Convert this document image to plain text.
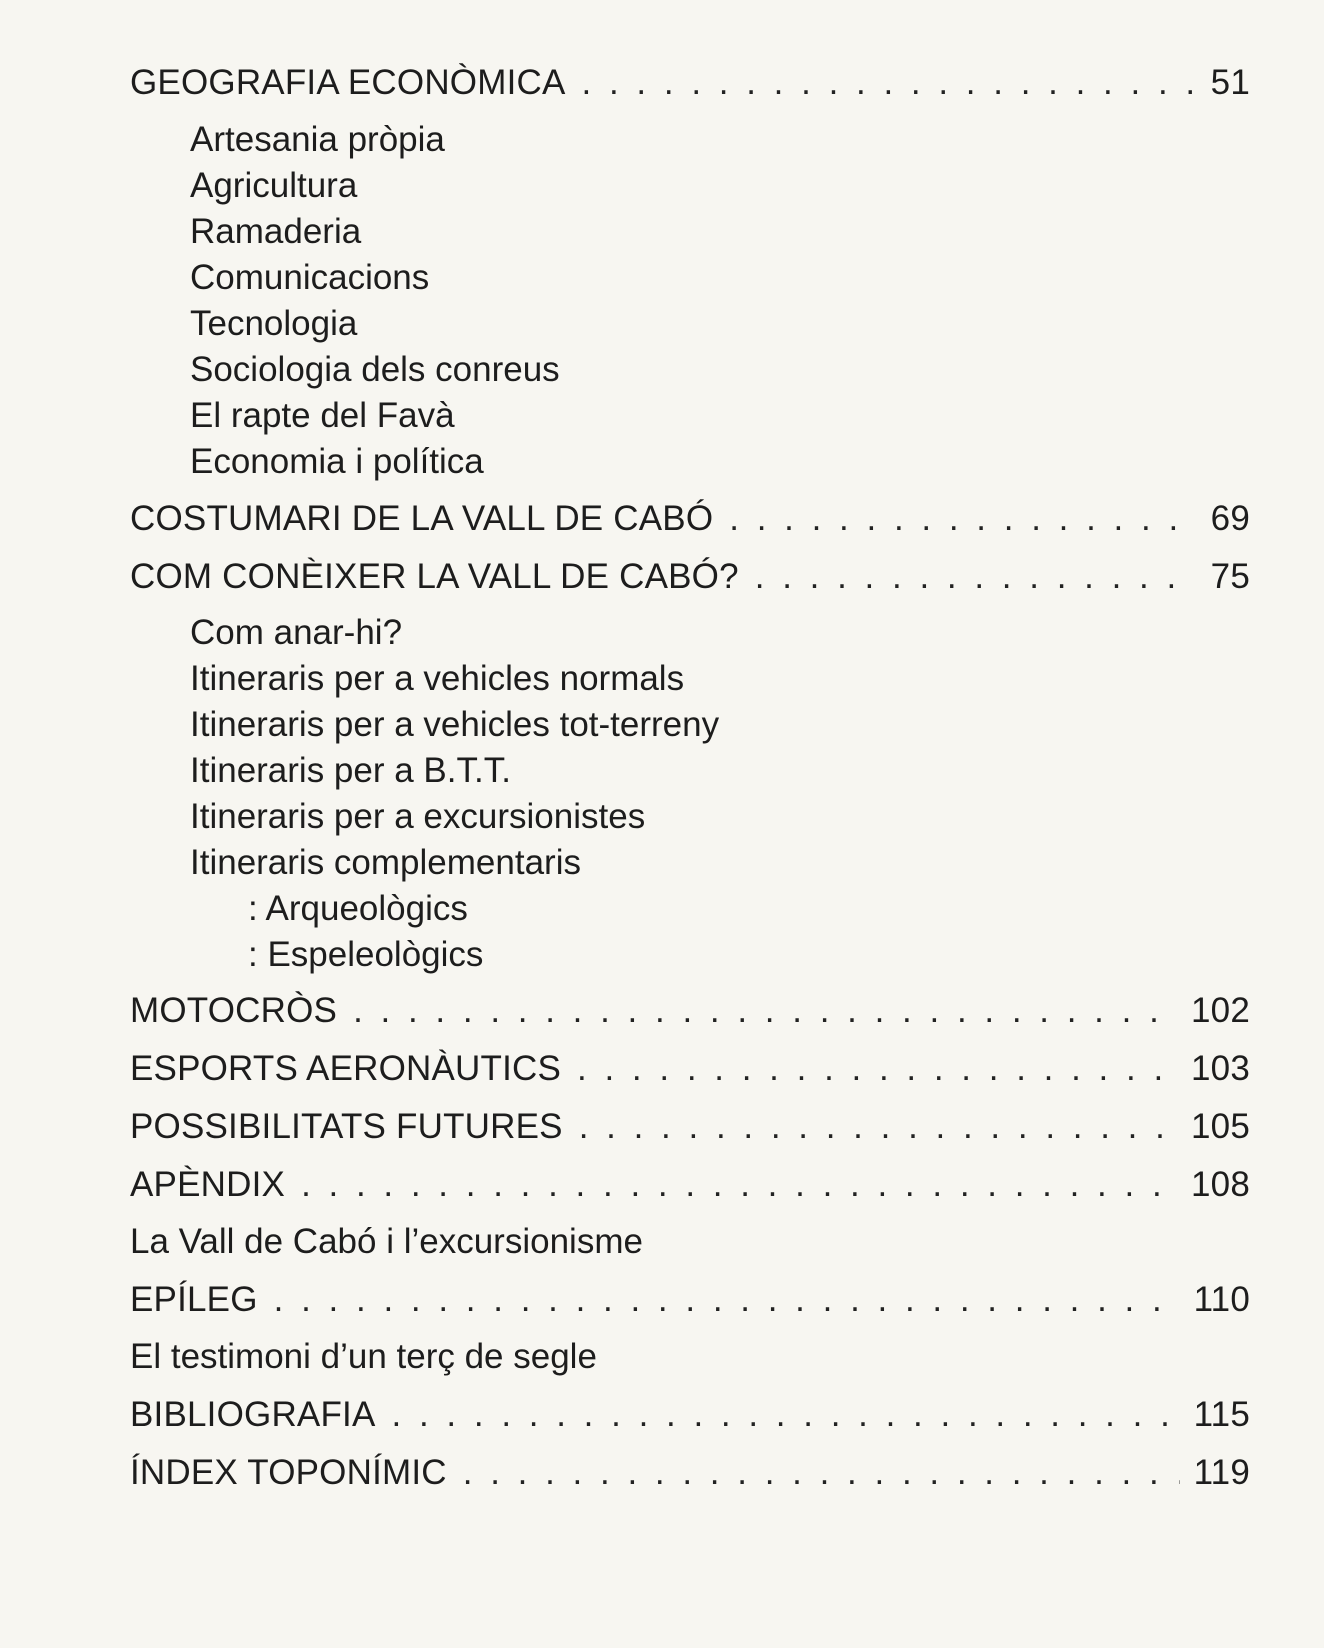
GEOGRAFIA ECONÒMICA . . .	51
Artesania pròpia
Agricultura
Ramaderia
Comunicacions
Tecnologia
Sociologia dels conreus
El rapte del Favà
Economia i política
COSTUMARI DE LA VALL DE CABÓ . . .	69
COM CONÈIXER LA VALL DE CABÓ? . . .	75
Com anar-hi?
Itineraris per a vehicles normals
Itineraris per a vehicles tot-terreny
Itineraris per a B.T.T.
Itineraris per a excursionistes
Itineraris complementaris
: Arqueològics
: Espeleològics
MOTOCRÒS . . .	102
ESPORTS AERONÀUTICS . . .	103
POSSIBILITATS FUTURES . . .	105
APÈNDIX . . .	108
La Vall de Cabó i l’excursionisme
EPÍLEG . . .	110
El testimoni d’un terç de segle
BIBLIOGRAFIA . . .	115
ÍNDEX TOPONÍMIC . . .	119
